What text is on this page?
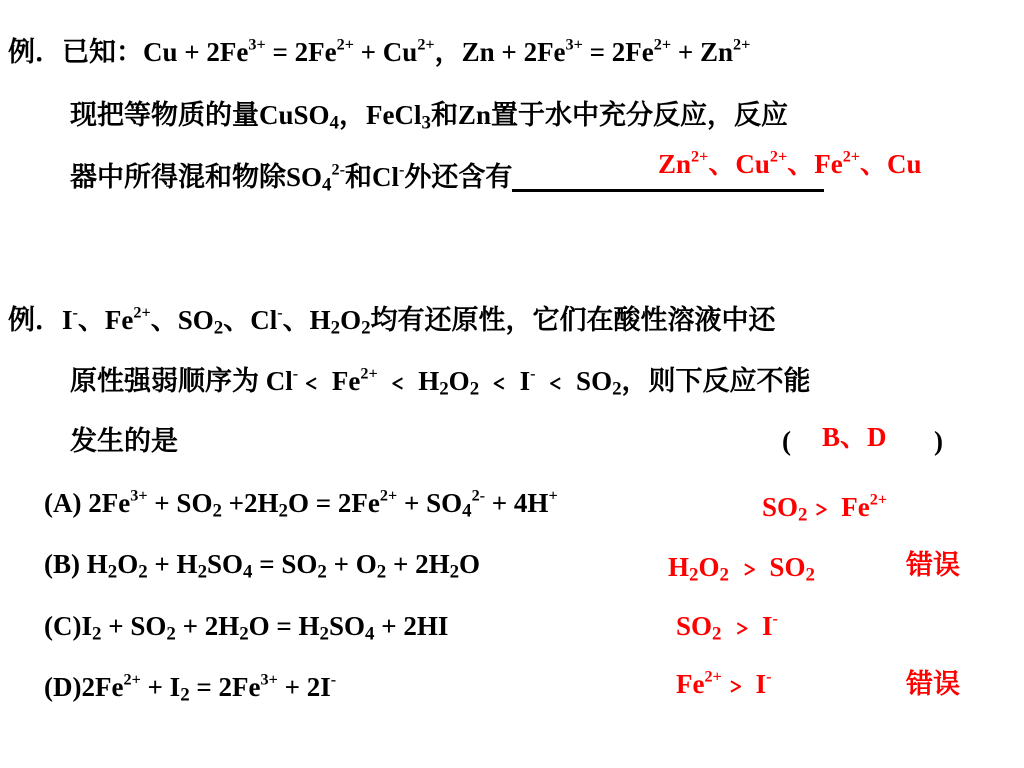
例．已知：$Cu + 2Fe^{3+} = 2Fe^{2+} + Cu^{2+}$，$Zn + 2Fe^{3+} = 2Fe^{2+} + Zn^{2+}$
现把等物质的量CuSO$_4$，FeCl$_3$和Zn置于水中充分反应，反应
器中所得混和物除$SO_4^{2-}$和Cl-外还含有	$Zn^{2+}$、$Cu^{2+}$、$Fe^{2+}$、Cu
例．I-、$Fe^{2+}$、$SO_2$、Cl-、$H_2O_2$均有还原性，它们在酸性溶液中还
原性强弱顺序为 Cl-﹤ $Fe^{2+}$ ﹤ $H_2O_2$ ﹤ I- ﹤ $SO_2$，则下反应不能
发生的是	( B、D )
(A) $2Fe^{3+} + SO_2 +2H_2O = 2Fe^{2+} + SO_4^{2-} + 4H^+$	$SO_2﹥$ $Fe^{2+}$
(B) $H_2O_2 + H_2SO_4 = SO_2 + O_2 + 2H_2O$	$H_2O_2$ ﹥ $SO_2$	错误
$(C)I_2 + SO_2 + 2H_2O = H_2SO_4 + 2HI$	$SO_2$ ﹥ I-
$(D)2Fe^{2+} + I_2 = 2Fe^{3+} + 2I^-$	$Fe^{2+}﹥$ I-	错误
